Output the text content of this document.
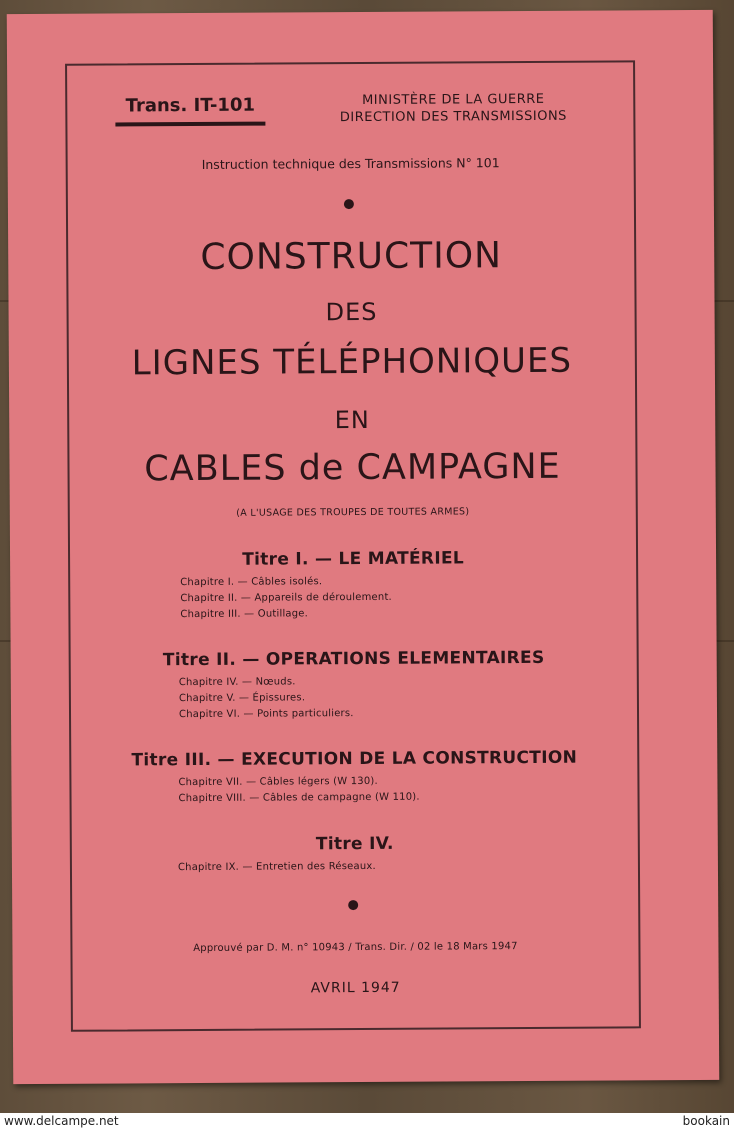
Trans. IT-101	MINISTÈRE DE LA GUERRE
DIRECTION DES TRANSMISSIONS
Instruction technique des Transmissions N° 101
CONSTRUCTION
DES
LIGNES TÉLÉPHONIQUES
EN
CABLES de CAMPAGNE
(A L'USAGE DES TROUPES DE TOUTES ARMES)
Titre I. — LE MATÉRIEL
Chapitre I. — Câbles isolés.
Chapitre II. — Appareils de déroulement.
Chapitre III. — Outillage.
Titre II. — OPERATIONS ELEMENTAIRES
Chapitre IV. — Nœuds.
Chapitre V. — Épissures.
Chapitre VI. — Points particuliers.
Titre III. — EXECUTION DE LA CONSTRUCTION
Chapitre VII. — Câbles légers (W 130).
Chapitre VIII. — Câbles de campagne (W 110).
Titre IV.
Chapitre IX. — Entretien des Réseaux.
Approuvé par D. M. n° 10943 / Trans. Dir. / 02 le 18 Mars 1947
AVRIL 1947
www.delcampe.net	bookain
